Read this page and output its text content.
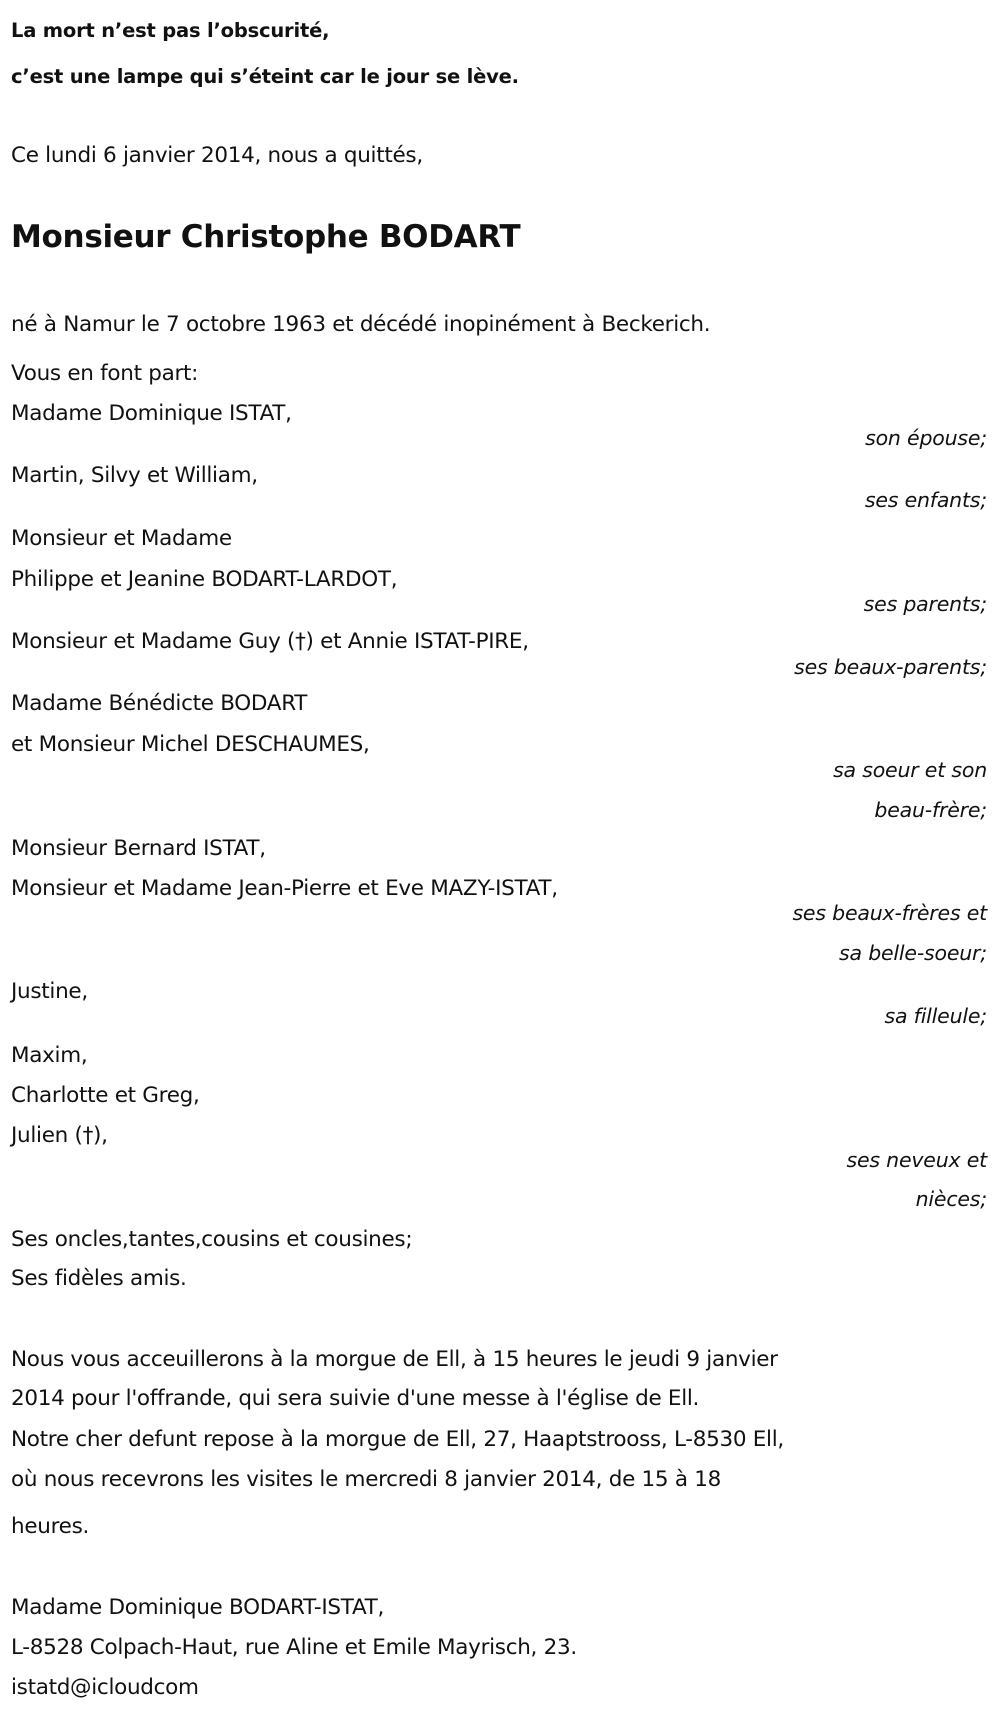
La mort n’est pas l’obscurité,
c’est une lampe qui s’éteint car le jour se lève.
Ce lundi 6 janvier 2014, nous a quittés,
Monsieur Christophe BODART
né à Namur le 7 octobre 1963 et décédé inopinément à Beckerich.
Vous en font part:
Madame Dominique ISTAT,
son épouse;
Martin, Silvy et William,
ses enfants;
Monsieur et Madame
Philippe et Jeanine BODART-LARDOT,
ses parents;
Monsieur et Madame Guy (†) et Annie ISTAT-PIRE,
ses beaux-parents;
Madame Bénédicte BODART
et Monsieur Michel DESCHAUMES,
sa soeur et son
beau-frère;
Monsieur Bernard ISTAT,
Monsieur et Madame Jean-Pierre et Eve MAZY-ISTAT,
ses beaux-frères et
sa belle-soeur;
Justine,
sa filleule;
Maxim,
Charlotte et Greg,
Julien (†),
ses neveux et
nièces;
Ses oncles,tantes,cousins et cousines;
Ses fidèles amis.
Nous vous acceuillerons à la morgue de Ell, à 15 heures le jeudi 9 janvier
2014 pour l'offrande, qui sera suivie d'une messe à l'église de Ell.
Notre cher defunt repose à la morgue de Ell, 27, Haaptstrooss, L-8530 Ell,
où nous recevrons les visites le mercredi 8 janvier 2014, de 15 à 18
heures.
Madame Dominique BODART-ISTAT,
L-8528 Colpach-Haut, rue Aline et Emile Mayrisch, 23.
istatd@icloudcom
